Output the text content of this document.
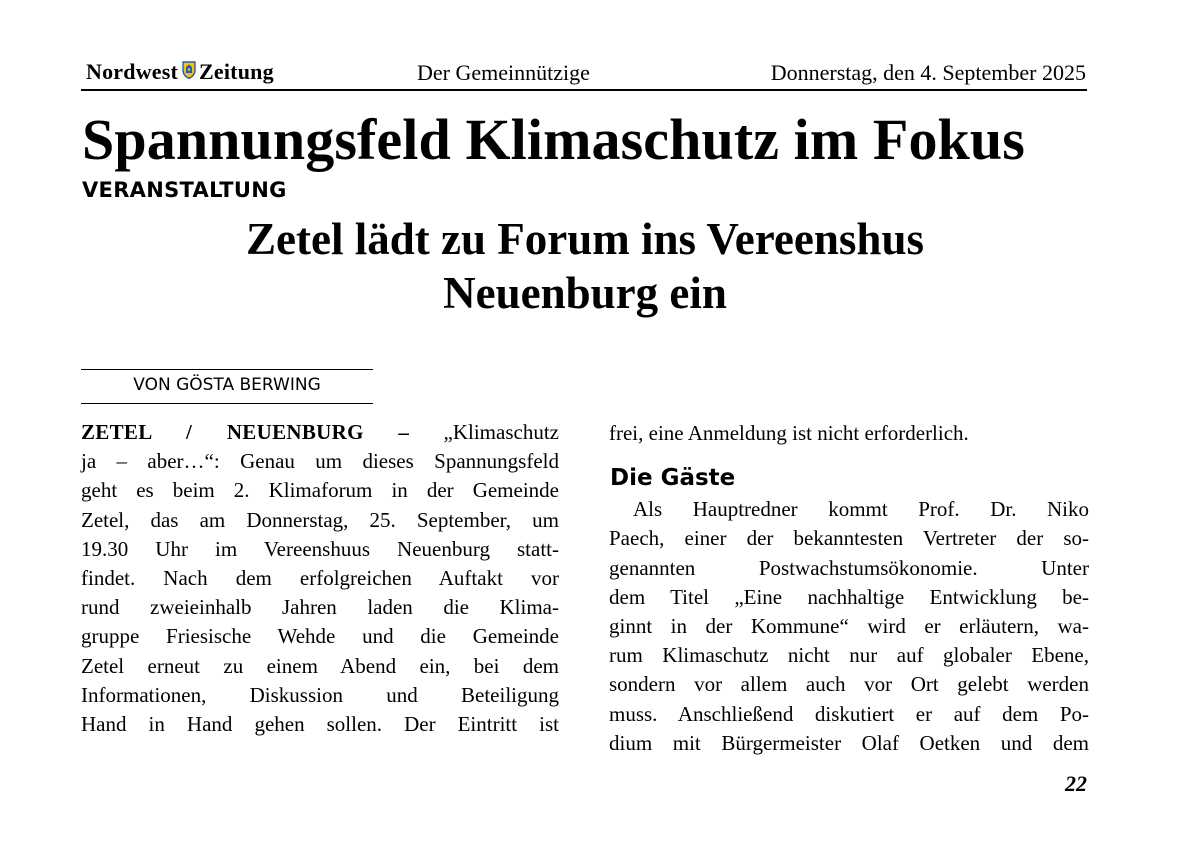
Nordwest Zeitung	Der Gemeinnützige	Donnerstag, den 4. September 2025
Spannungsfeld Klimaschutz im Fokus
VERANSTALTUNG
Zetel lädt zu Forum ins Vereenshus
Neuenburg ein
VON GÖSTA BERWING

ZETEL / NEUENBURG – „Klimaschutz

ja – aber…“: Genau um dieses Spannungsfeld

geht es beim 2. Klimaforum in der Gemeinde

Zetel, das am Donnerstag, 25. September, um

19.30 Uhr im Vereenshuus Neuenburg statt-

findet. Nach dem erfolgreichen Auftakt vor

rund zweieinhalb Jahren laden die Klima-

gruppe Friesische Wehde und die Gemeinde

Zetel erneut zu einem Abend ein, bei dem

Informationen, Diskussion und Beteiligung

Hand in Hand gehen sollen. Der Eintritt ist

frei, eine Anmeldung ist nicht erforderlich.

Die Gäste

Als Hauptredner kommt Prof. Dr. Niko

Paech, einer der bekanntesten Vertreter der so-

genannten Postwachstumsökonomie. Unter

dem Titel „Eine nachhaltige Entwicklung be-

ginnt in der Kommune“ wird er erläutern, wa-

rum Klimaschutz nicht nur auf globaler Ebene,

sondern vor allem auch vor Ort gelebt werden

muss. Anschließend diskutiert er auf dem Po-

dium mit Bürgermeister Olaf Oetken und dem

22
